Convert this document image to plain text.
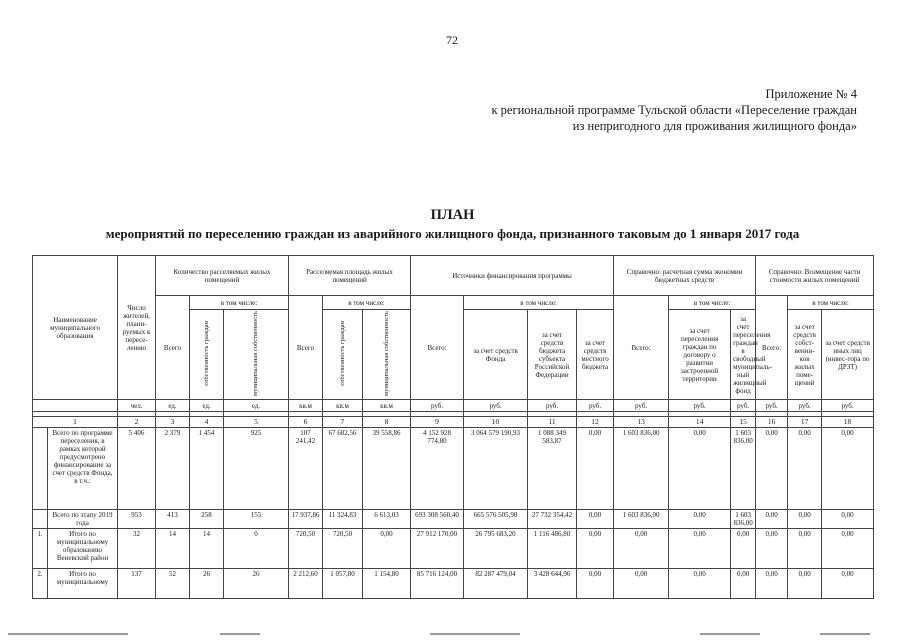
72
Приложение № 4
к региональной программе Тульской области «Переселение граждан
из непригодного для проживания жилищного фонда»
ПЛАН
мероприятий по переселению граждан из аварийного жилищного фонда, признанного таковым до 1 января 2017 года
Наименование муниципального образования		Число жителей, плани-руемых к пересе-лению	Количество расселяемых жилых помещений			Расселяемая площадь жилых помещений			Источники финансирования программы				Справочно: расчетная сумма экономии бюджетных средств			Справочно: Возмещение части стоимости жилых помещений		
			Всего	в том числе:		Всего	в том числе:		Всего:	в том числе:			Всего:	в том числе:		Всего:	в том числе:	
				собственность граждан	муниципальная собственность		собственность граждан	муниципальная собственность		за счет средств Фонда	за счет средств бюджета субъекта Российской Федерации	за счет средств местного бюджета		за счет переселения граждан по договору о развитии застроенной территории	за счет переселения граждан в свободный муниципаль-ный жилищный фонд		за счет средств собст-венни-ков жилых поме-щений	за счет средств иных лиц (инвес-тора по ДРЗТ)
		чел.	ед.	ед.	ед.	кв.м	кв.м	кв.м	руб.	руб.	руб.	руб.	руб.	руб.	руб.	руб.	руб.	руб.

1		2	3	4	5	6	7	8	9	10	11	12	13	14	15	16	17	18
	Всего по программе переселения, в рамках которой предусмотрено финансирование за счет средств Фонда, в т.ч.:	5 406	2 379	1 454	925	107 241,42	67 682,56	39 558,86	4 152 928 774,80	3 064 579 190,93	1 088 349 583,87	0,00	1 603 836,00	0,00	1 603 836,00	0,00	0,00	0,00
	Всего по этапу 2019 года	953	413	258	155	17 937,86	11 324,83	6 613,03	693 308 560,40	665 576 505,98	27 732 354,42	0,00	1 603 836,00	0,00	1 603 836,00	0,00	0,00	0,00
1.	Итого по муниципальному образованию Веневский район	32	14	14	0	720,50	720,50	0,00	27 912 170,00	26 795 683,20	1 116 486,80	0,00	0,00	0,00	0,00	0,00	0,00	0,00
2.	Итого по муниципальному	137	52	26	26	2 212,60	1 057,80	1 154,80	85 716 124,00	82 287 479,04	3 428 644,96	0,00	0,00	0,00	0,00	0,00	0,00	0,00
